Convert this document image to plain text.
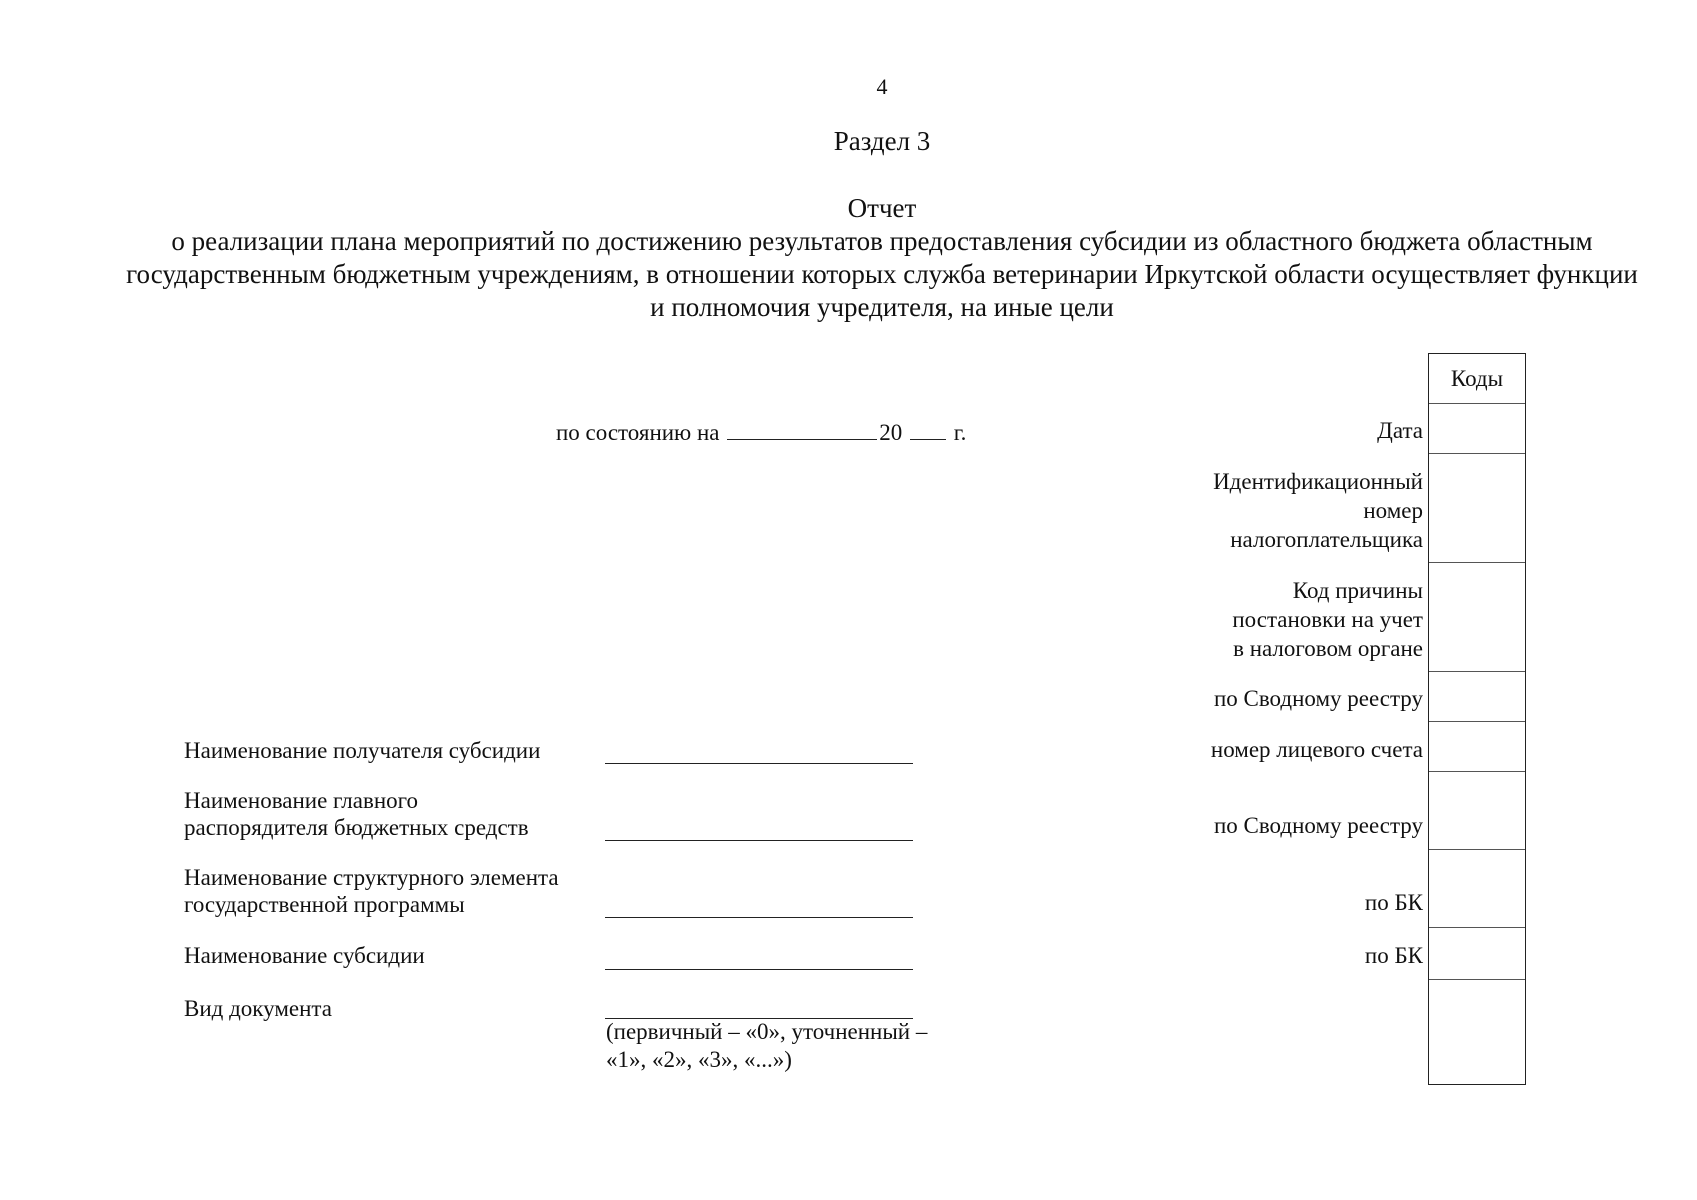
4
Раздел 3
Отчет
о реализации плана мероприятий по достижению результатов предоставления субсидии из областного бюджета областным государственным бюджетным учреждениям, в отношении которых служба ветеринарии Иркутской области осуществляет функции и полномочия учредителя, на иные цели
по состоянию на	20 г.
Коды
Дата
Идентификационный
номер
налогоплательщика
Код причины
постановки на учет
в налоговом органе
по Сводному реестру
номер лицевого счета
по Сводному реестру
по БК
по БК
Наименование получателя субсидии
Наименование главного
распорядителя бюджетных средств
Наименование структурного элемента
государственной программы
Наименование субсидии
Вид документа
(первичный – «0», уточненный –
«1», «2», «3», «...»)
